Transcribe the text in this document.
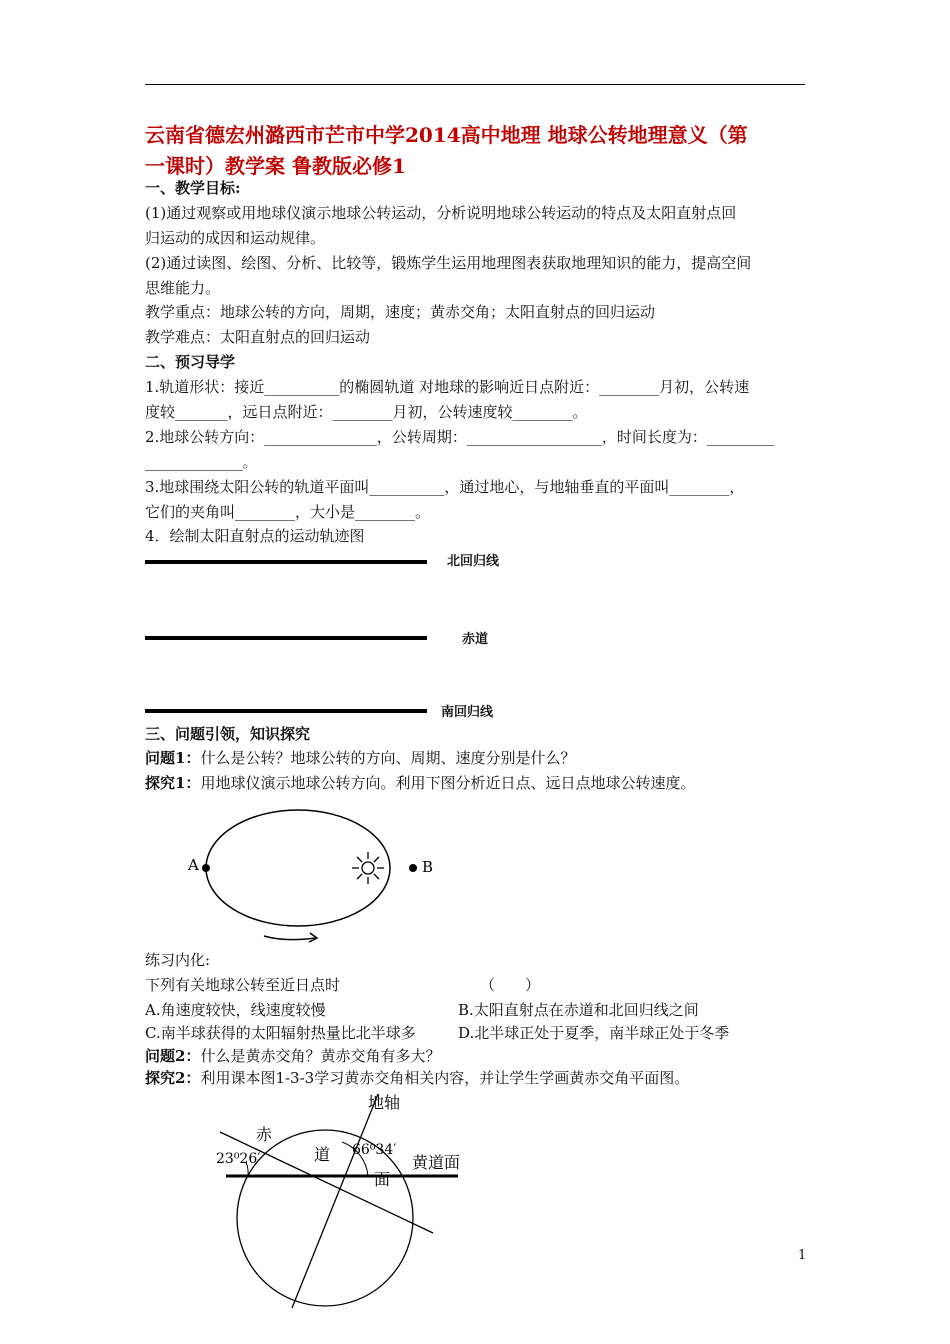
云南省德宏州潞西市芒市中学2014高中地理 地球公转地理意义（第
一课时）教学案 鲁教版必修1
一、教学目标:
(1)通过观察或用地球仪演示地球公转运动，分析说明地球公转运动的特点及太阳直射点回
归运动的成因和运动规律。
(2)通过读图、绘图、分析、比较等，锻炼学生运用地理图表获取地理知识的能力，提高空间
思维能力。
教学重点：地球公转的方向，周期，速度；黄赤交角；太阳直射点的回归运动
教学难点：太阳直射点的回归运动
二、预习导学
1.轨道形状：接近__________的椭圆轨道 对地球的影响近日点附近：________月初，公转速
度较_______，远日点附近：________月初，公转速度较________。
2.地球公转方向：_______________，公转周期：__________________，时间长度为：_________
_____________。
3.地球围绕太阳公转的轨道平面叫__________，通过地心，与地轴垂直的平面叫________，
它们的夹角叫________，大小是________。
4．绘制太阳直射点的运动轨迹图
北回归线
赤道
南回归线
三、问题引领，知识探究
问题1：什么是公转？地球公转的方向、周期、速度分别是什么？
探究1：用地球仪演示地球公转方向。利用下图分析近日点、远日点地球公转速度。
A	B
练习内化:
下列有关地球公转至近日点时	（　　）
A.角速度较快，线速度较慢	B.太阳直射点在赤道和北回归线之间
C.南半球获得的太阳辐射热量比北半球多	D.北半球正处于夏季，南半球正处于冬季
问题2：什么是黄赤交角？黄赤交角有多大？
探究2：利用课本图1-3-3学习黄赤交角相关内容，并让学生学画黄赤交角平面图。
地轴
赤
道
面
23⁰26′
66⁰34′
黄道面
1
